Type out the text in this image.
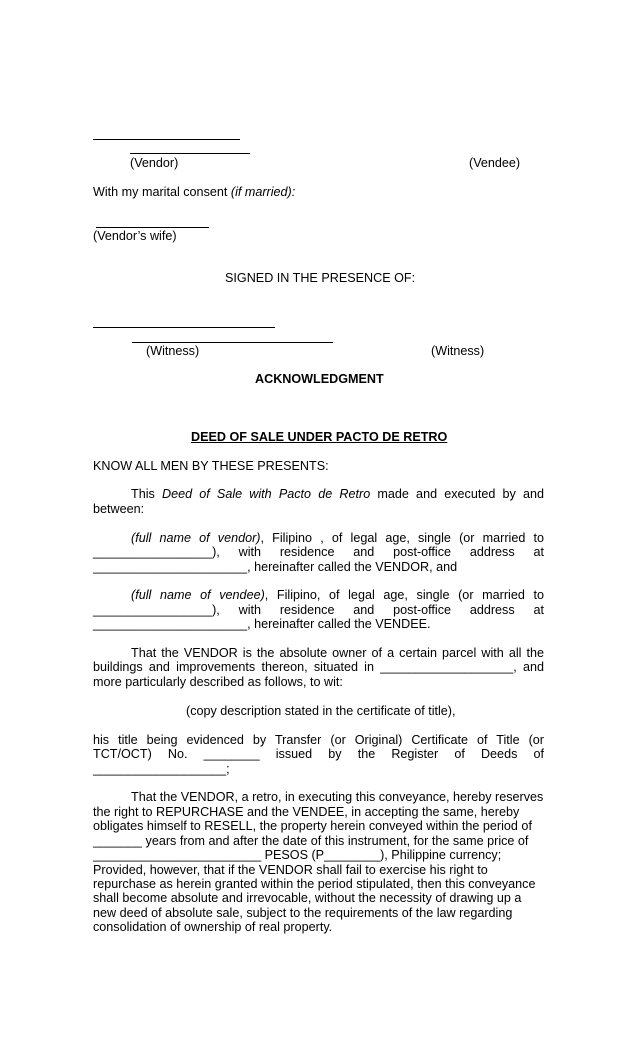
(Vendor)	(Vendee)
With my marital consent (if married):
(Vendor’s wife)
SIGNED IN THE PRESENCE OF:
(Witness)	(Witness)
ACKNOWLEDGMENT
DEED OF SALE UNDER PACTO DE RETRO
KNOW ALL MEN BY THESE PRESENTS:
This Deed of Sale with Pacto de Retro made and executed by and
between:
(full name of vendor), Filipino , of legal age, single (or married to
_________________), with residence and post-office address at
______________________, hereinafter called the VENDOR, and
(full name of vendee), Filipino, of legal age, single (or married to
_________________), with residence and post-office address at
______________________, hereinafter called the VENDEE.
That the VENDOR is the absolute owner of a certain parcel with all the
buildings and improvements thereon, situated in ___________________, and
more particularly described as follows, to wit:
(copy description stated in the certificate of title),
his title being evidenced by Transfer (or Original) Certificate of Title (or
TCT/OCT) No. ________ issued by the Register of Deeds of
___________________;
That the VENDOR, a retro, in executing this conveyance, hereby reserves
the right to REPURCHASE and the VENDEE, in accepting the same, hereby
obligates himself to RESELL, the property herein conveyed within the period of
_______ years from and after the date of this instrument, for the same price of
________________________ PESOS (P________), Philippine currency;
Provided, however, that if the VENDOR shall fail to exercise his right to
repurchase as herein granted within the period stipulated, then this conveyance
shall become absolute and irrevocable, without the necessity of drawing up a
new deed of absolute sale, subject to the requirements of the law regarding
consolidation of ownership of real property.
